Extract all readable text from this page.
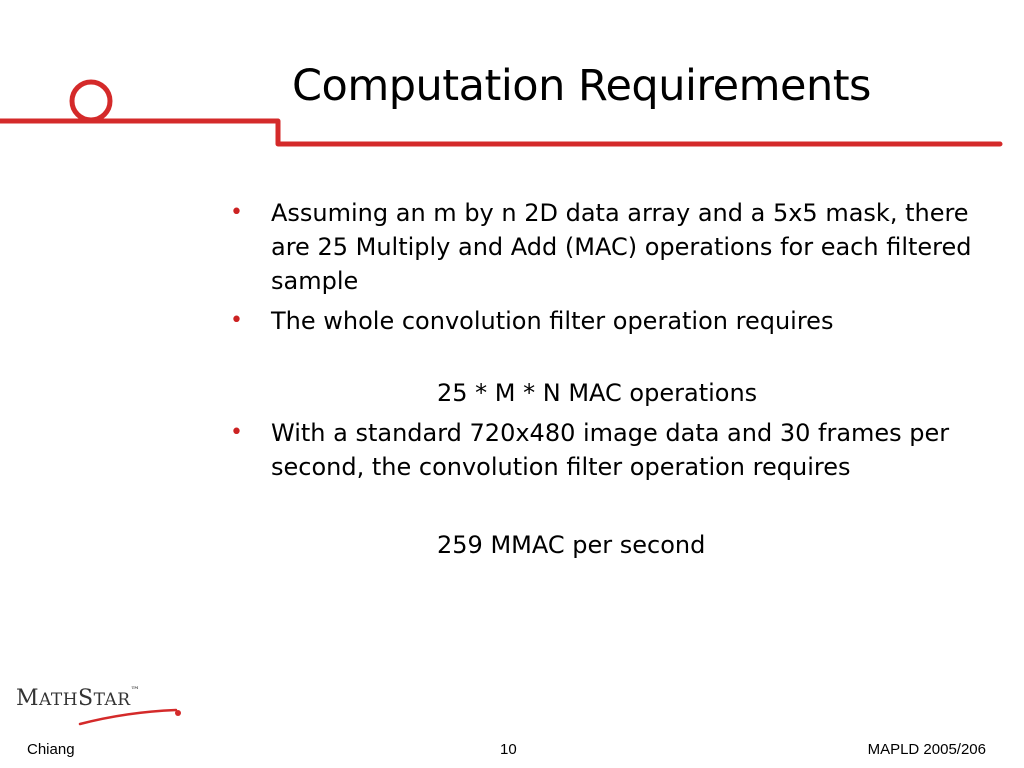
Computation Requirements
• Assuming an m by n 2D data array and a 5x5 mask, there are 25 Multiply and Add (MAC) operations for each filtered sample
• The whole convolution filter operation requires
25 * M * N MAC operations
• With a standard 720x480 image data and 30 frames per second, the convolution filter operation requires
259 MMAC per second
MATHSTAR™
Chiang	10	MAPLD 2005/206
